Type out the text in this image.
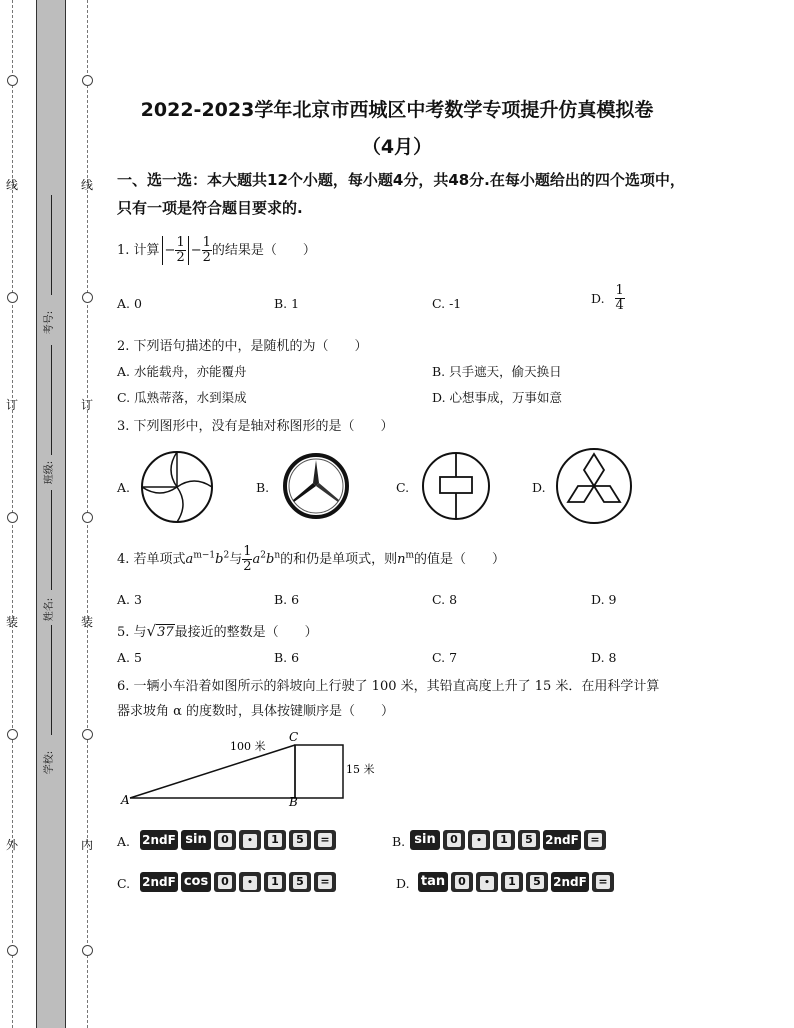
线
订
装
外
线
订
装
内
考号:
班级:
姓名:
学校:
2022-2023学年北京市西城区中考数学专项提升仿真模拟卷
（4月）
一、选一选：本大题共12个小题，每小题4分，共48分.在每小题给出的四个选项中，只有一项是符合题目要求的.
1. 计算 − $\frac{1}{2} - \frac{1}{2}$ 的结果是（　　）
A. 0	B. 1	C. -1	D. $\frac{1}{4}$
2. 下列语句描述的中，是随机的为（　　）
A. 水能载舟，亦能覆舟	B. 只手遮天，偷天换日
C. 瓜熟蒂落，水到渠成	D. 心想事成，万事如意
3. 下列图形中，没有是轴对称图形的是（　　）
A.	B.	C.	D.
4. 若单项式$a^{m-1}b^2$与 $\frac{1}{2} a^2b^n$的和仍是单项式，则$n^m$的值是（　　）
A. 3	B. 6	C. 8	D. 9
5. 与√37最接近的整数是（　　）
A. 5	B. 6	C. 7	D. 8
6. 一辆小车沿着如图所示的斜坡向上行驶了 100 米，其铅直高度上升了 15 米．在用科学计算
器求坡角 α 的度数时，具体按键顺序是（　　）
A	B
C
100 米
15 米
A. 2ndF sin	0	•	1	5	=	B. sin	0	•	1	5	2ndF	=
C. 2ndF cos	0	•	1	5	=	D. tan	0	•	1	5	2ndF	=
